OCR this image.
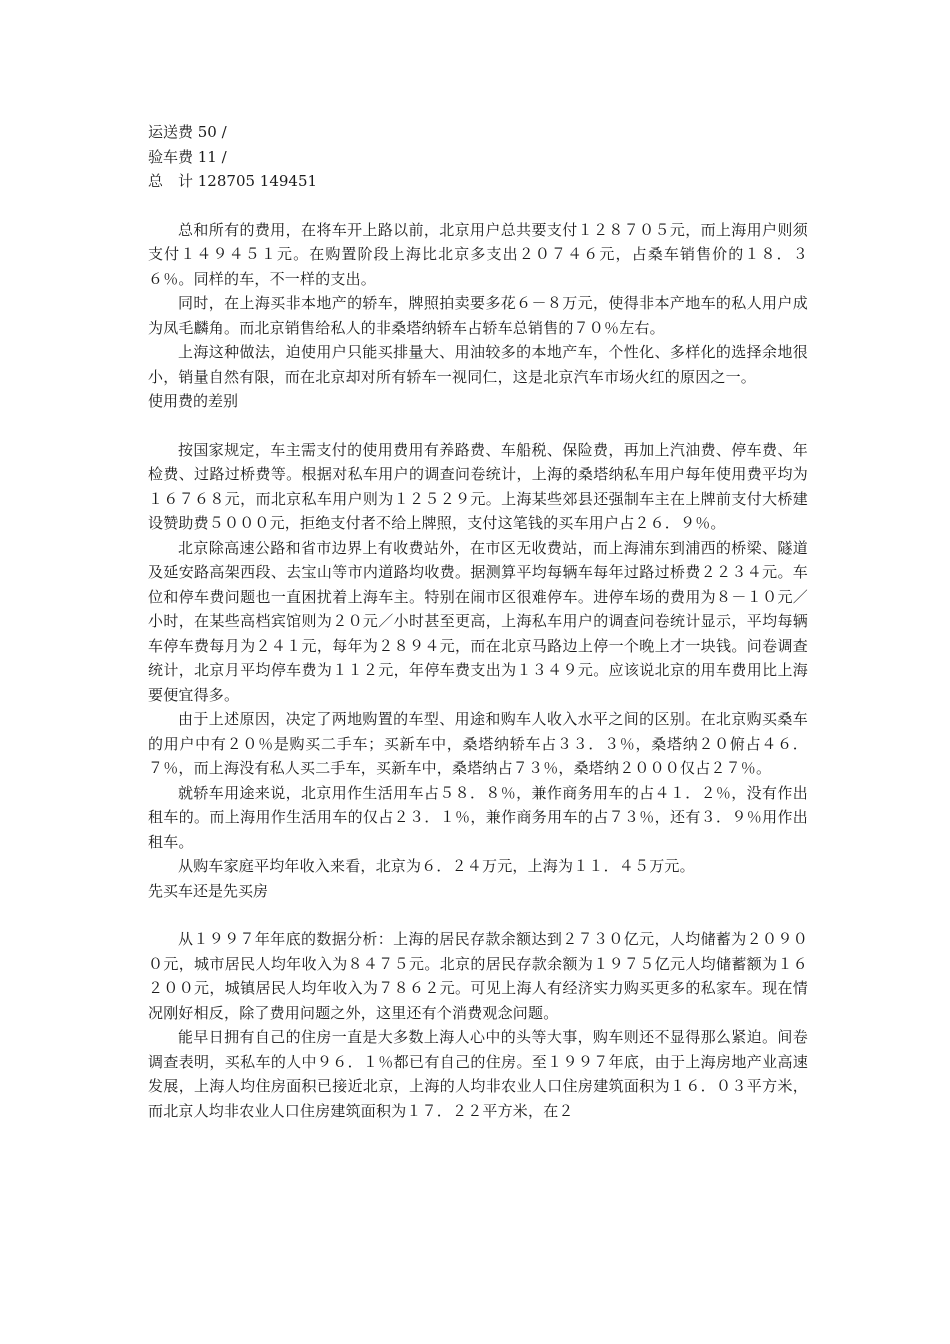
运送费 50 /

验车费 11 /

总　计 128705 149451

总和所有的费用，在将车开上路以前，北京用户总共要支付１２８７０５元，而上海用户则须支付１４９４５１元。在购置阶段上海比北京多支出２０７４６元，占桑车销售价的１８．３６％。同样的车，不一样的支出。

同时，在上海买非本地产的轿车，牌照拍卖要多花６－８万元，使得非本产地车的私人用户成为凤毛麟角。而北京销售给私人的非桑塔纳轿车占轿车总销售的７０％左右。

上海这种做法，迫使用户只能买排量大、用油较多的本地产车，个性化、多样化的选择余地很小，销量自然有限，而在北京却对所有轿车一视同仁，这是北京汽车市场火红的原因之一。

使用费的差别

按国家规定，车主需支付的使用费用有养路费、车船税、保险费，再加上汽油费、停车费、年检费、过路过桥费等。根据对私车用户的调查问卷统计，上海的桑塔纳私车用户每年使用费平均为１６７６８元，而北京私车用户则为１２５２９元。上海某些郊县还强制车主在上牌前支付大桥建设赞助费５０００元，拒绝支付者不给上牌照，支付这笔钱的买车用户占２６．９％。

北京除高速公路和省市边界上有收费站外，在市区无收费站，而上海浦东到浦西的桥梁、隧道及延安路高架西段、去宝山等市内道路均收费。据测算平均每辆车每年过路过桥费２２３４元。车位和停车费问题也一直困扰着上海车主。特别在闹市区很难停车。进停车场的费用为８－１０元／小时，在某些高档宾馆则为２０元／小时甚至更高，上海私车用户的调查问卷统计显示，平均每辆车停车费每月为２４１元，每年为２８９４元，而在北京马路边上停一个晚上才一块钱。问卷调查统计，北京月平均停车费为１１２元，年停车费支出为１３４９元。应该说北京的用车费用比上海要便宜得多。

由于上述原因，决定了两地购置的车型、用途和购车人收入水平之间的区别。在北京购买桑车的用户中有２０％是购买二手车；买新车中，桑塔纳轿车占３３．３％，桑塔纳２０俯占４６．７％，而上海没有私人买二手车，买新车中，桑塔纳占７３％，桑塔纳２０００仅占２７％。

就轿车用途来说，北京用作生活用车占５８．８％，兼作商务用车的占４１．２％，没有作出租车的。而上海用作生活用车的仅占２３．１％，兼作商务用车的占７３％，还有３．９％用作出租车。

从购车家庭平均年收入来看，北京为６．２４万元，上海为１１．４５万元。

先买车还是先买房

从１９９７年年底的数据分析：上海的居民存款余额达到２７３０亿元，人均储蓄为２０９００元，城市居民人均年收入为８４７５元。北京的居民存款余额为１９７５亿元人均储蓄额为１６２００元，城镇居民人均年收入为７８６２元。可见上海人有经济实力购买更多的私家车。现在情况刚好相反，除了费用问题之外，这里还有个消费观念问题。

能早日拥有自己的住房一直是大多数上海人心中的头等大事，购车则还不显得那么紧迫。间卷调查表明，买私车的人中９６．１％都已有自己的住房。至１９９７年底，由于上海房地产业高速发展，上海人均住房面积已接近北京，上海的人均非农业人口住房建筑面积为１６．０３平方米，而北京人均非农业人口住房建筑面积为１７．２２平方米，在２
